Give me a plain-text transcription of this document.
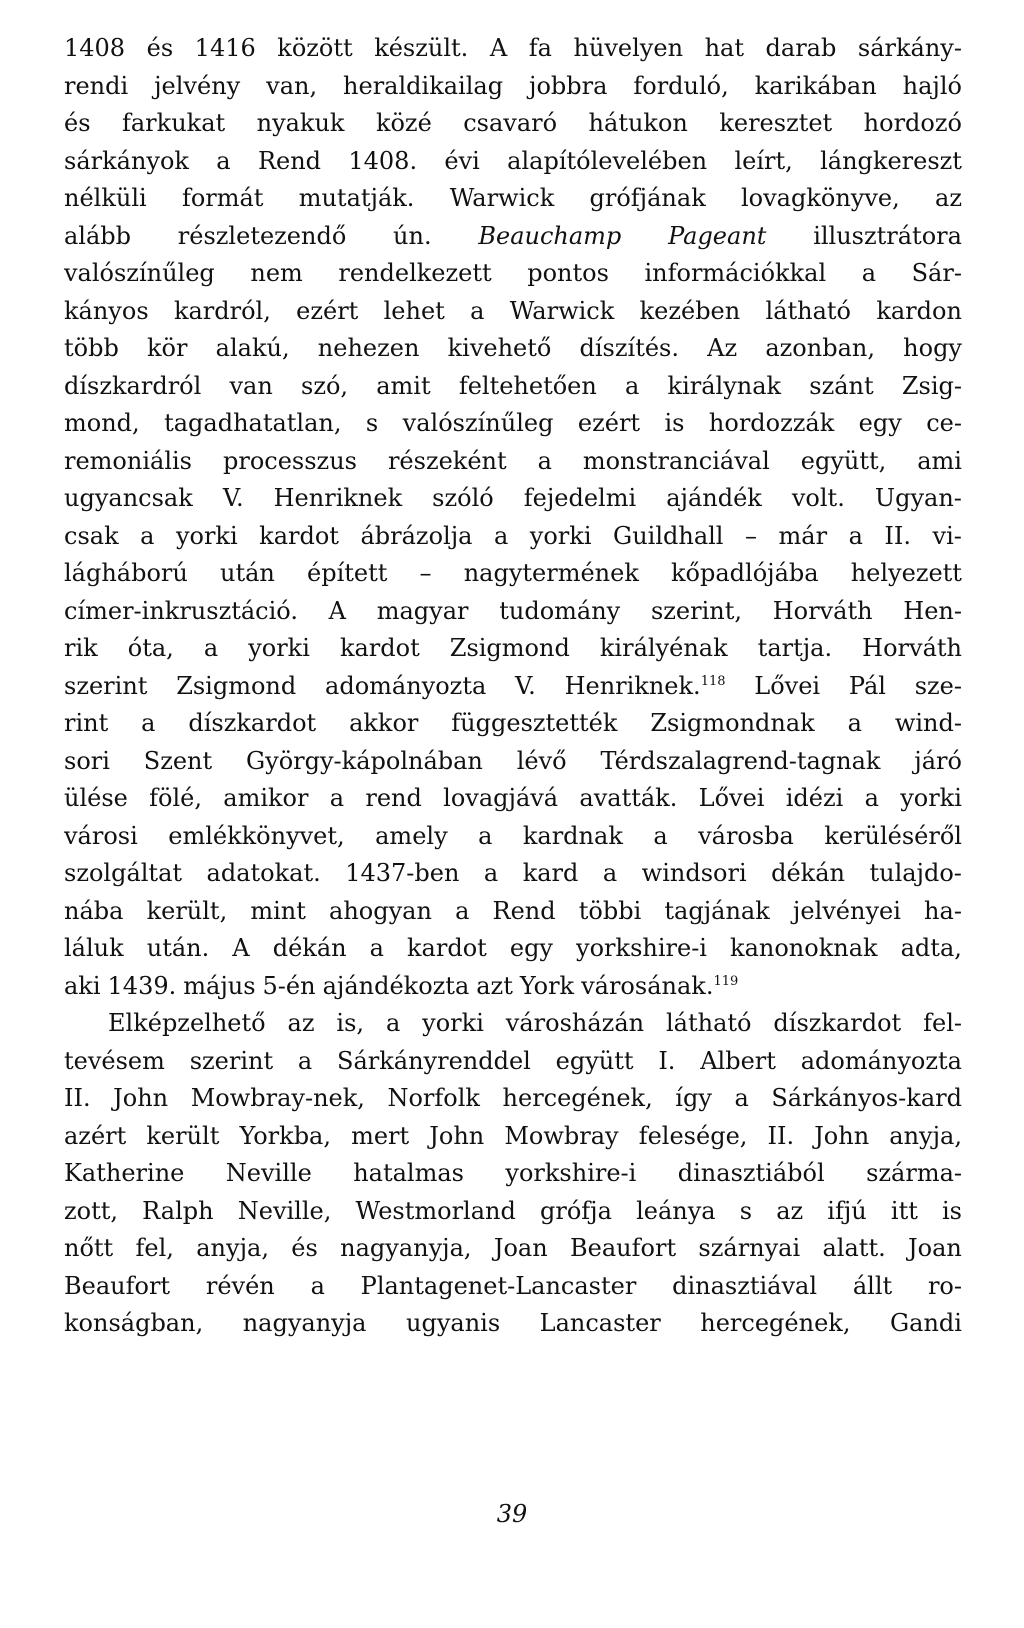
1408 és 1416 között készült. A fa hüvelyen hat darab sárkány-
rendi jelvény van, heraldikailag jobbra forduló, karikában hajló
és farkukat nyakuk közé csavaró hátukon keresztet hordozó
sárkányok a Rend 1408. évi alapítólevelében leírt, lángkereszt
nélküli formát mutatják. Warwick grófjának lovagkönyve, az
alább részletezendő ún. Beauchamp Pageant illusztrátora
valószínűleg nem rendelkezett pontos információkkal a Sár-
kányos kardról, ezért lehet a Warwick kezében látható kardon
több kör alakú, nehezen kivehető díszítés. Az azonban, hogy
díszkardról van szó, amit feltehetően a királynak szánt Zsig-
mond, tagadhatatlan, s valószínűleg ezért is hordozzák egy ce-
remoniális processzus részeként a monstranciával együtt, ami
ugyancsak V. Henriknek szóló fejedelmi ajándék volt. Ugyan-
csak a yorki kardot ábrázolja a yorki Guildhall – már a II. vi-
lágháború után épített – nagytermének kőpadlójába helyezett
címer-inkrusztáció. A magyar tudomány szerint, Horváth Hen-
rik óta, a yorki kardot Zsigmond királyénak tartja. Horváth
szerint Zsigmond adományozta V. Henriknek.$^{118}$ Lővei Pál sze-
rint a díszkardot akkor függesztették Zsigmondnak a wind-
sori Szent György-kápolnában lévő Térdszalagrend-tagnak járó
ülése fölé, amikor a rend lovagjává avatták. Lővei idézi a yorki
városi emlékkönyvet, amely a kardnak a városba kerüléséről
szolgáltat adatokat. 1437-ben a kard a windsori dékán tulajdo-
nába került, mint ahogyan a Rend többi tagjának jelvényei ha-
láluk után. A dékán a kardot egy yorkshire-i kanonoknak adta,
aki 1439. május 5-én ajándékozta azt York városának.$^{119}$
Elképzelhető az is, a yorki városházán látható díszkardot fel-
tevésem szerint a Sárkányrenddel együtt I. Albert adományozta
II. John Mowbray-nek, Norfolk hercegének, így a Sárkányos-kard
azért került Yorkba, mert John Mowbray felesége, II. John anyja,
Katherine Neville hatalmas yorkshire-i dinasztiából szárma-
zott, Ralph Neville, Westmorland grófja leánya s az ifjú itt is
nőtt fel, anyja, és nagyanyja, Joan Beaufort szárnyai alatt. Joan
Beaufort révén a Plantagenet-Lancaster dinasztiával állt ro-
konságban, nagyanyja ugyanis Lancaster hercegének, Gandi
39
